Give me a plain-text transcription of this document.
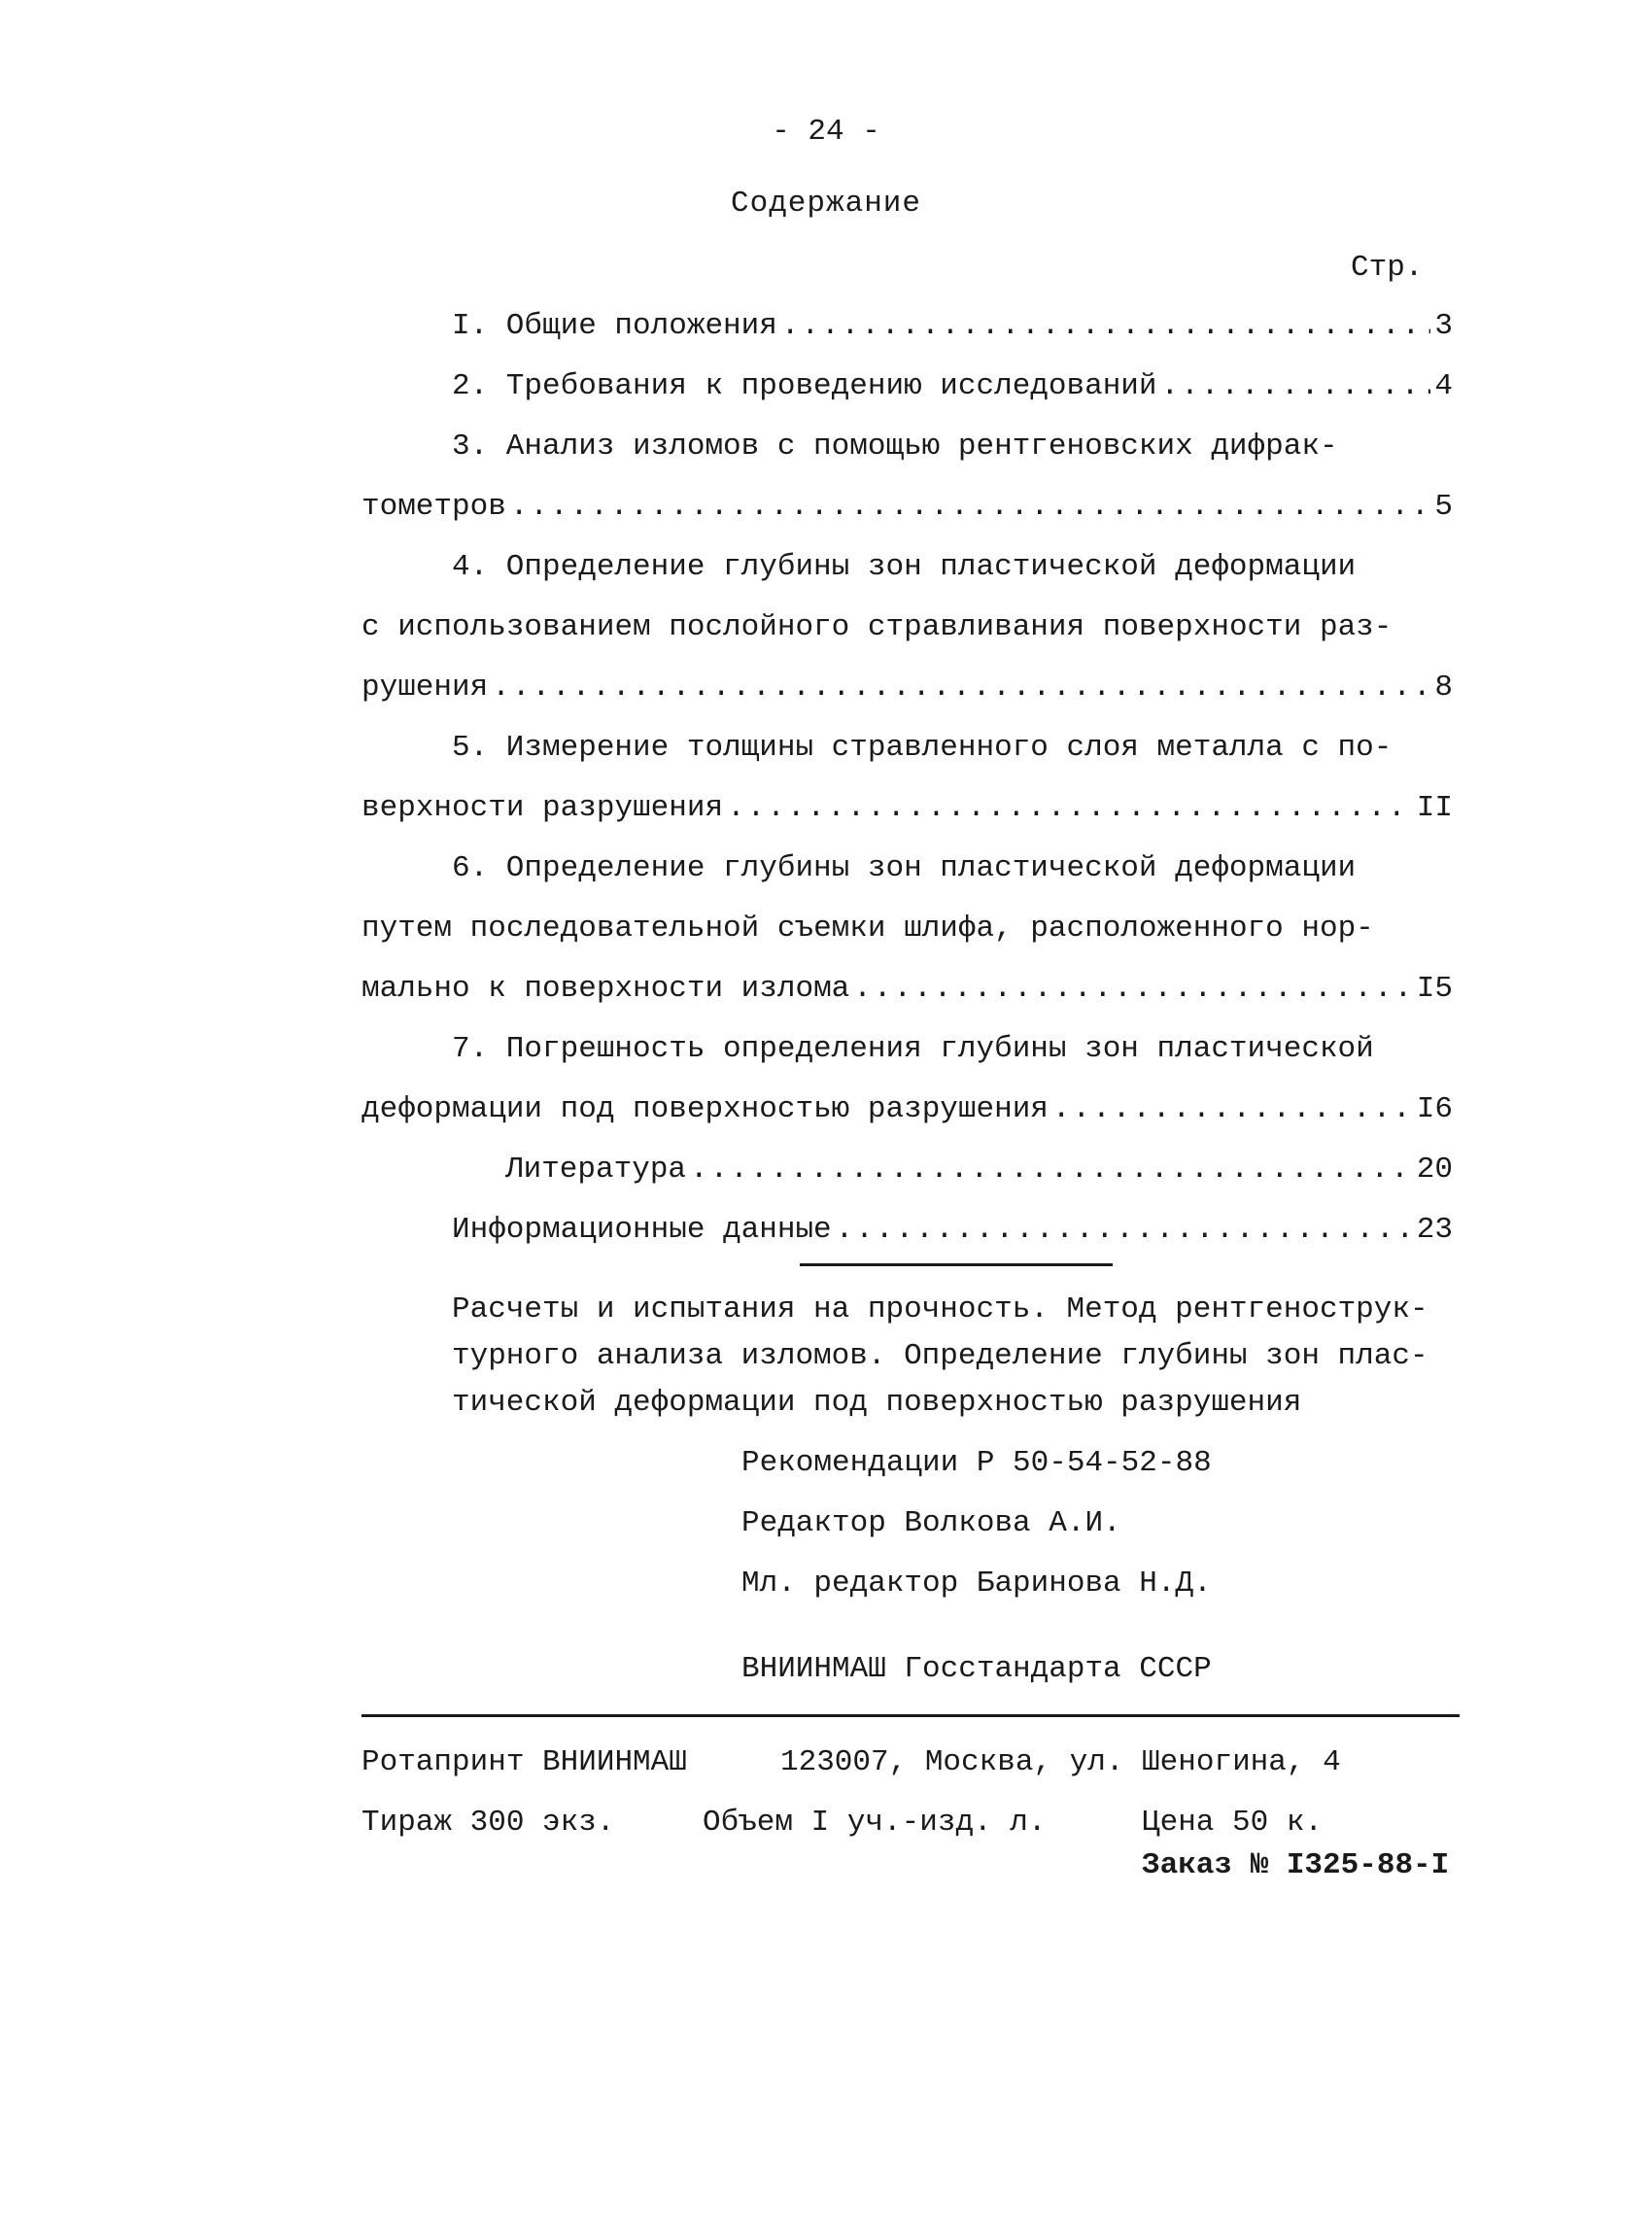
- 24 -
Содержание
Стр.
I. Общие положения .....	3
2. Требования к проведению исследований .....	4
3. Анализ изломов с помощью рентгеновских дифрак-
тометров .....	5
4. Определение глубины зон пластической деформации
с использованием послойного стравливания поверхности раз-
рушения .....	8
5. Измерение толщины стравленного слоя металла с по-
верхности разрушения .....	II
6. Определение глубины зон пластической деформации
путем последовательной съемки шлифа, расположенного нор-
мально к поверхности излома .....	I5
7. Погрешность определения глубины зон пластической
деформации под поверхностью разрушения .....	I6
Литература .....	20
Информационные данные .....	23
Расчеты и испытания на прочность. Метод рентгенострук-
турного анализа изломов. Определение глубины зон плас-
тической деформации под поверхностью разрушения
Рекомендации Р 50-54-52-88
Редактор Волкова А.И.
Мл. редактор Баринова Н.Д.
ВНИИНМАШ Госстандарта СССР
Ротапринт ВНИИНМАШ	123007, Москва, ул. Шеногина, 4
Тираж 300 экз.	Объем I уч.-изд. л.	Цена 50 к.
Заказ № I325-88-I
